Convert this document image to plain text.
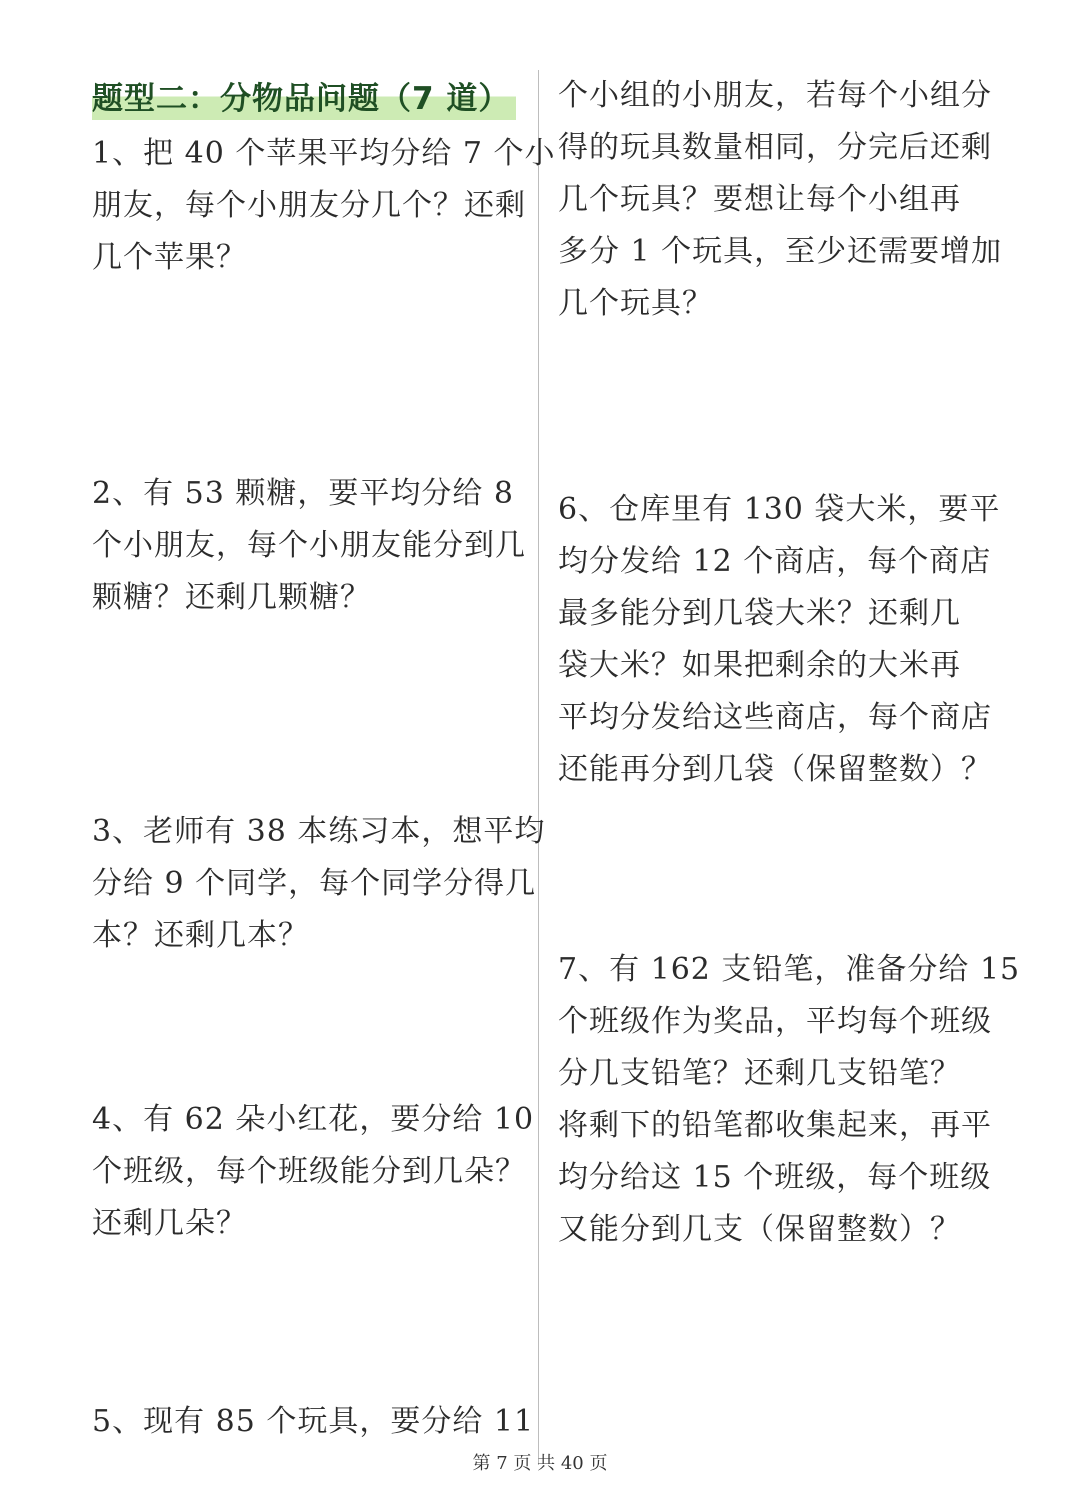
题型二：分物品问题（7 道）
1、把 40 个苹果平均分给 7 个小
朋友，每个小朋友分几个？还剩
几个苹果？
2、有 53 颗糖，要平均分给 8
个小朋友，每个小朋友能分到几
颗糖？还剩几颗糖？
3、老师有 38 本练习本，想平均
分给 9 个同学，每个同学分得几
本？还剩几本？
4、有 62 朵小红花，要分给 10
个班级，每个班级能分到几朵？
还剩几朵？
5、现有 85 个玩具，要分给 11
个小组的小朋友，若每个小组分
得的玩具数量相同，分完后还剩
几个玩具？要想让每个小组再
多分 1 个玩具，至少还需要增加
几个玩具？
6、仓库里有 130 袋大米，要平
均分发给 12 个商店，每个商店
最多能分到几袋大米？还剩几
袋大米？如果把剩余的大米再
平均分发给这些商店，每个商店
还能再分到几袋（保留整数）？
7、有 162 支铅笔，准备分给 15
个班级作为奖品，平均每个班级
分几支铅笔？还剩几支铅笔？
将剩下的铅笔都收集起来，再平
均分给这 15 个班级，每个班级
又能分到几支（保留整数）？
第 7 页 共 40 页
